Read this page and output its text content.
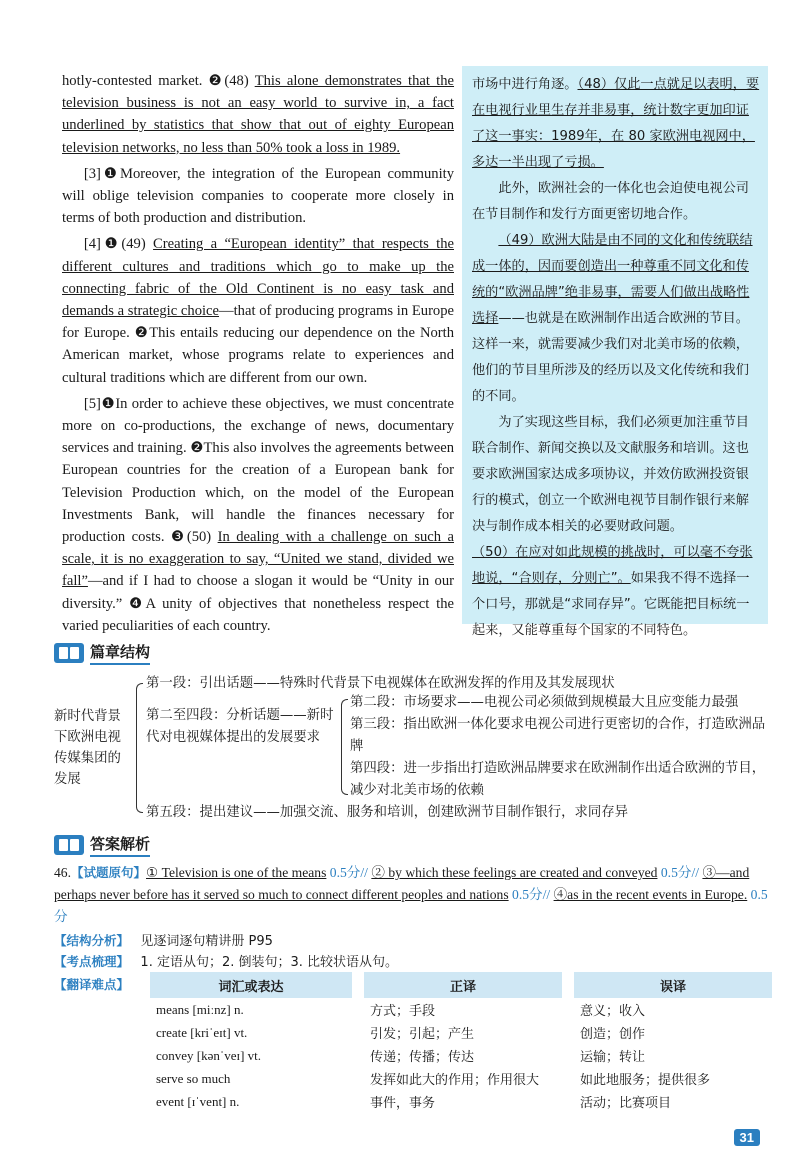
hotly-contested market. ❷(48) This alone demonstrates that the television business is not an easy world to survive in, a fact underlined by statistics that show that out of eighty European television networks, no less than 50% took a loss in 1989.

[3]❶Moreover, the integration of the European community will oblige television companies to cooperate more closely in terms of both production and distribution.

[4]❶(49) Creating a “European identity” that respects the different cultures and traditions which go to make up the connecting fabric of the Old Continent is no easy task and demands a strategic choice—that of producing programs in Europe for Europe. ❷This entails reducing our dependence on the North American market, whose programs relate to experiences and cultural traditions which are different from our own.

[5]❶In order to achieve these objectives, we must concentrate more on co-productions, the exchange of news, documentary services and training. ❷This also involves the agreements between European countries for the creation of a European bank for Television Production which, on the model of the European Investments Bank, will handle the finances necessary for production costs. ❸(50) In dealing with a challenge on such a scale, it is no exaggeration to say, “United we stand, divided we fall”—and if I had to choose a slogan it would be “Unity in our diversity.” ❹A unity of objectives that nonetheless respect the varied peculiarities of each country.

市场中进行角逐。（48）仅此一点就足以表明，要在电视行业里生存并非易事，统计数字更加印证了这一事实：1989年，在 80 家欧洲电视网中，多达一半出现了亏损。

此外，欧洲社会的一体化也会迫使电视公司在节目制作和发行方面更密切地合作。

（49）欧洲大陆是由不同的文化和传统联结成一体的，因而要创造出一种尊重不同文化和传统的“欧洲品牌”绝非易事，需要人们做出战略性选择——也就是在欧洲制作出适合欧洲的节目。这样一来，就需要减少我们对北美市场的依赖，他们的节目里所涉及的经历以及文化传统和我们的不同。

为了实现这些目标，我们必须更加注重节目联合制作、新闻交换以及文献服务和培训。这也要求欧洲国家达成多项协议，并效仿欧洲投资银行的模式，创立一个欧洲电视节目制作银行来解决与制作成本相关的必要财政问题。

（50）在应对如此规模的挑战时，可以毫不夸张地说，“合则存，分则亡”。如果我不得不选择一个口号，那就是“求同存异”。它既能把目标统一起来，又能尊重每个国家的不同特色。

篇章结构
新时代背景下欧洲电视传媒集团的发展
第一段：引出话题——特殊时代背景下电视媒体在欧洲发挥的作用及其发展现状
第二至四段：分析话题——新时代对电视媒体提出的发展要求
第二段：市场要求——电视公司必须做到规模最大且应变能力最强
第三段：指出欧洲一体化要求电视公司进行更密切的合作，打造欧洲品牌
第四段：进一步指出打造欧洲品牌要求在欧洲制作出适合欧洲的节目，减少对北美市场的依赖
第五段：提出建议——加强交流、服务和培训，创建欧洲节目制作银行，求同存异
答案解析
46.【试题原句】① Television is one of the means 0.5分// ② by which these feelings are created and conveyed 0.5分// ③—and perhaps never before has it served so much to connect different peoples and nations 0.5分// ④as in the recent events in Europe. 0.5分
【结构分析】 见逐词逐句精讲册 P95
【考点梳理】 1. 定语从句；2. 倒装句；3. 比较状语从句。
【翻译难点】	词汇或表达		正译		误译
means [miːnz] n.		方式；手段		意义；收入
create [kriˈeɪt] vt.		引发；引起；产生		创造；创作
convey [kənˈveɪ] vt.		传递；传播；传达		运输；转让
serve so much		发挥如此大的作用；作用很大		如此地服务；提供很多
event [ɪˈvent] n.		事件，事务		活动；比赛项目
31
